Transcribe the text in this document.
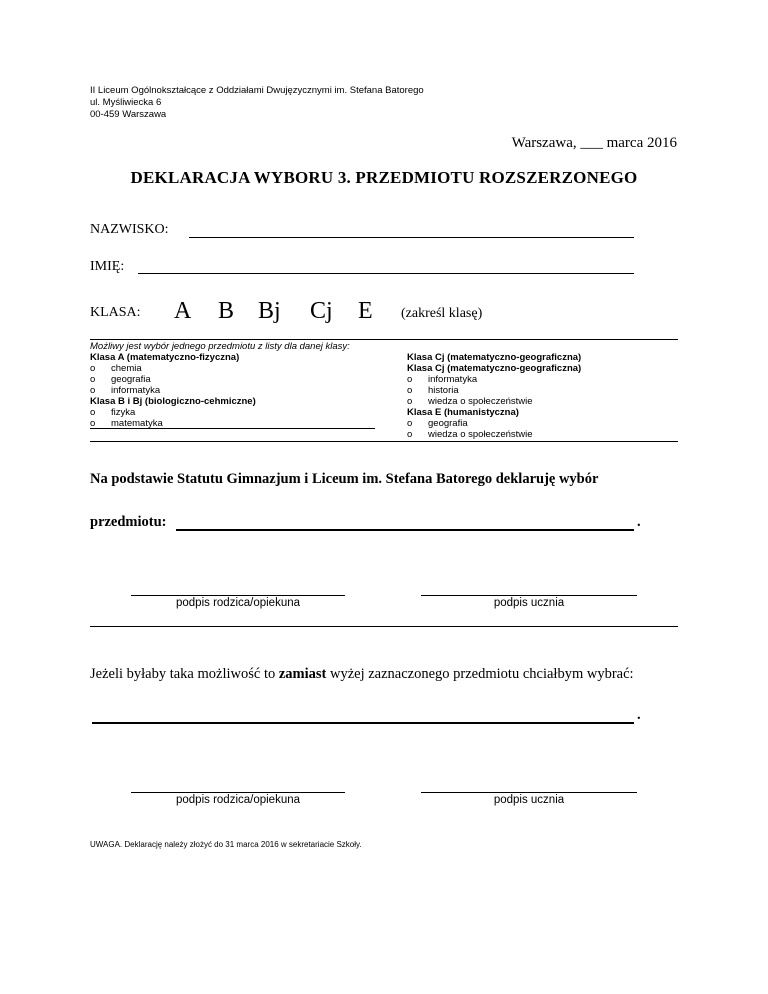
II Liceum Ogólnokształcące z Oddziałami Dwujęzycznymi im. Stefana Batorego
ul. Myśliwiecka 6
00-459 Warszawa
Warszawa, ___ marca 2016
DEKLARACJA WYBORU 3. PRZEDMIOTU ROZSZERZONEGO
NAZWISKO:
IMIĘ:
KLASA: A B Bj Cj E (zakreśl klasę)
Możliwy jest wybór jednego przedmiotu z listy dla danej klasy:
Klasa A (matematyczno-fizyczna)
o chemia
o geografia
o informatyka
Klasa B i Bj (biologiczno-cehmiczne)
o fizyka
o matematyka
Klasa Cj (matematyczno-geograficzna)
Klasa Cj (matematyczno-geograficzna)
o informatyka
o historia
o wiedza o społeczeństwie
Klasa E (humanistyczna)
o geografia
o wiedza o społeczeństwie
Na podstawie Statutu Gimnazjum i Liceum im. Stefana Batorego deklaruję wybór
przedmiotu:	.
podpis rodzica/opiekuna	podpis ucznia
Jeżeli byłaby taka możliwość to zamiast wyżej zaznaczonego przedmiotu chciałbym wybrać:
.
podpis rodzica/opiekuna	podpis ucznia
UWAGA. Deklarację należy złożyć do 31 marca 2016 w sekretariacie Szkoły.
